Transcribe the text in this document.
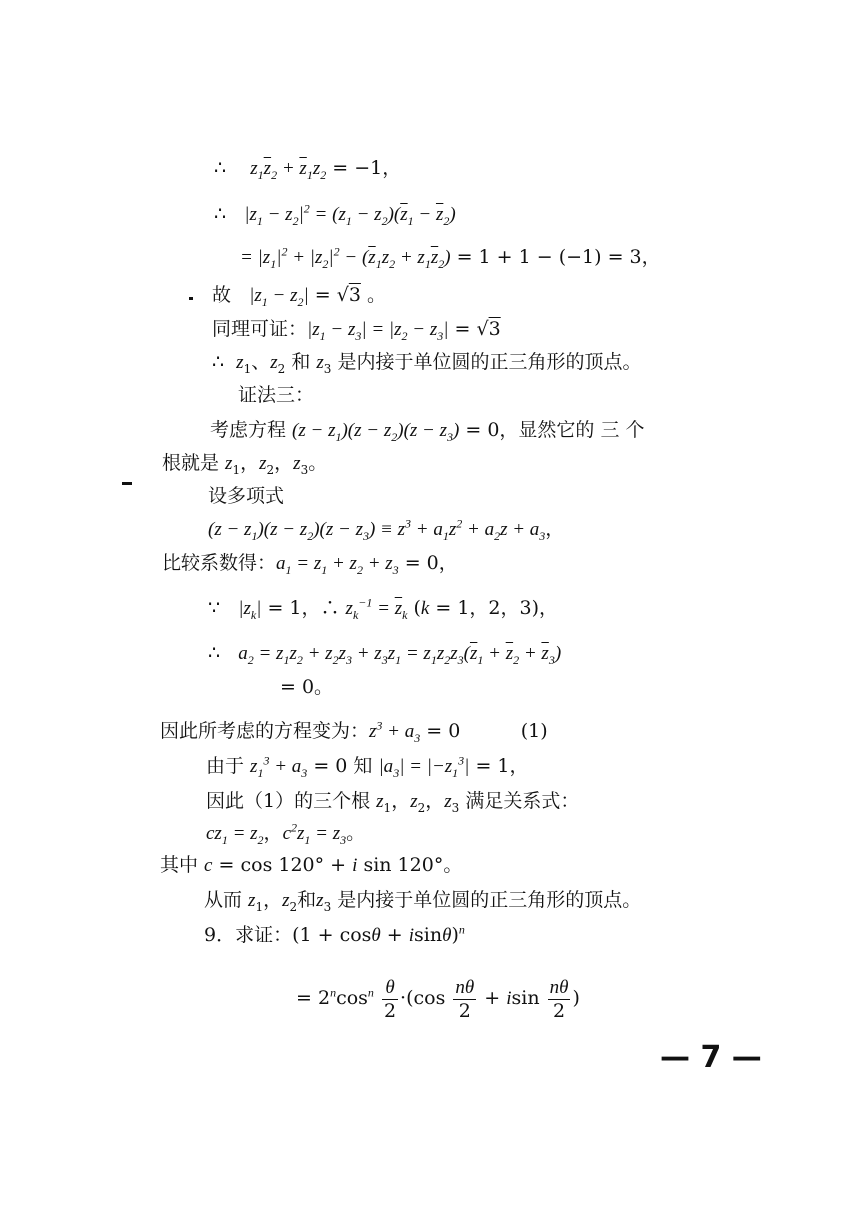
∴ $z_1\overline{z}_2 + \overline{z}_1z_2 = -1$，
∴   $|z_1 - z_2|^2 = (z_1 - z_2)(\overline{z}_1 - \overline{z}_2)$
= $|z_1|^2 + |z_2|^2 - (\overline{z}_1z_2 + z_1\overline{z}_2) = 1 + 1 - (-1) = 3$，
故   $|z_1 - z_2| = √3$ 。
同理可证：$|z_1 - z_3| = |z_2 - z_3| = √3$
∴  $z_1$、$z_2$ 和 $z_3$ 是内接于单位圆的正三角形的顶点。
证法三：
考虑方程 $(z - z_1)(z - z_2)(z - z_3) = 0$，显然它的 三 个
根就是 $z_1$，$z_2$，$z_3$。
设多项式
$(z - z_1)(z - z_2)(z - z_3) \equiv z^3 + a_1z^2 + a_2z + a_3$，
比较系数得：$a_1 = z_1 + z_2 + z_3 = 0$，
∵   $|z_k| = 1$，∴ $z_k^{-1} = \overline{z}_k$ (k = 1，2，3)，
∴   $a_2 = z_1z_2 + z_2z_3 + z_3z_1 = z_1z_2z_3(\overline{z}_1 + \overline{z}_2 + \overline{z}_3)$
= 0。
因此所考虑的方程变为：$z^3 + a_3 = 0$          (1)
由于 $z_1^3 + a_3 = 0$ 知 $|a_3| = |-z_1^3| = 1$，
因此（1）的三个根 $z_1$，$z_2$，$z_3$ 满足关系式：
$cz_1 = z_2$，$c^2z_1 = z_3$。
其中 c = cos 120° + i sin 120°。
从而 $z_1$，$z_2$和$z_3$ 是内接于单位圆的正三角形的顶点。
9．求证：$(1 + \cos\theta + isin\theta)^n$
= $2^n\cos^n \frac{\theta}{2} \cdot(\cos \frac{n\theta}{2} + isin \frac{n\theta}{2}$ )
— 7 —
